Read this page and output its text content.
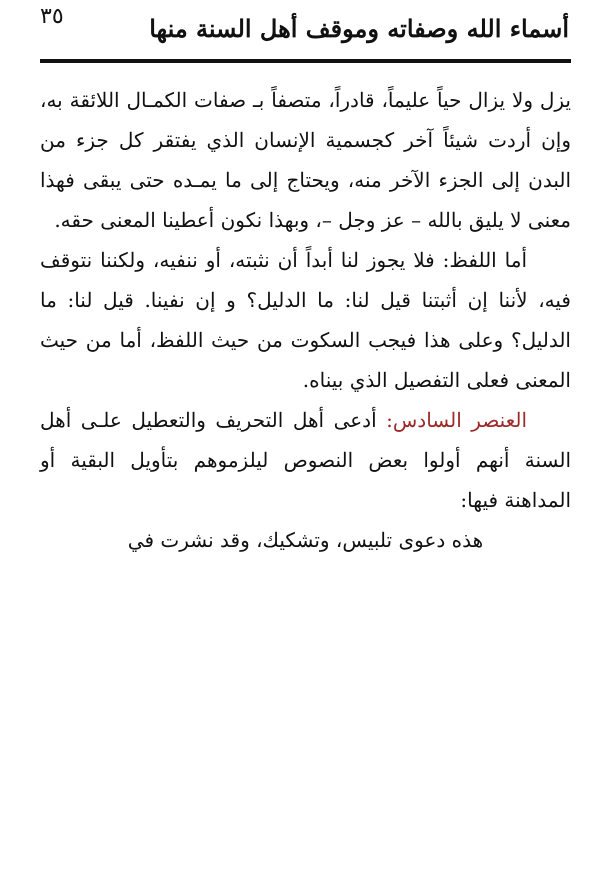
٣٥	أسماء الله وصفاته وموقف أهل السنة منها

يزل ولا يزال حياً عليماً، قادراً، متصفاً بـ صفات الكمـال اللائقة به، وإن أردت شيئاً آخر كجسمية الإنسان الذي يفتقر كل جزء من البدن إلى الجزء الآخر منه، ويحتاج إلى ما يمـده حتى يبقى فهذا معنى لا يليق بالله – عز وجل –، وبهذا نكون أعطينا المعنى حقه.

أما اللفظ: فلا يجوز لنا أبداً أن نثبته، أو ننفيه، ولكننا نتوقف فيه، لأننا إن أثبتنا قيل لنا: ما الدليل؟ و إن نفينا. قيل لنا: ما الدليل؟ وعلى هذا فيجب السكوت من حيث اللفظ، أما من حيث المعنى فعلى التفصيل الذي بيناه.

العنصر السادس: أدعى أهل التحريف والتعطيل علـى أهل السنة أنهم أولوا بعض النصوص ليلزموهم بتأويل البقية أو المداهنة فيها:

هذه دعوى تلبيس، وتشكيك، وقد نشرت في
